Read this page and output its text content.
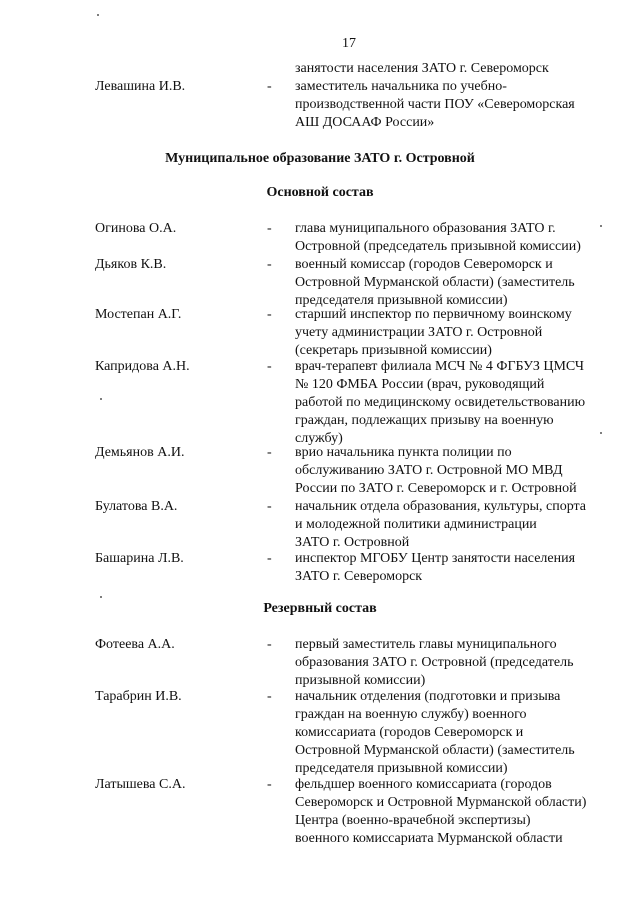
17
занятости населения ЗАТО г. Североморск
Левашина И.В.	- заместитель начальника по учебно-
производственной части ПОУ «Североморская
АШ ДОСААФ России»
Муниципальное образование ЗАТО г. Островной
Основной состав
Огинова О.А.	- глава муниципального образования ЗАТО г.
Островной (председатель призывной комиссии)
Дьяков К.В.	- военный комиссар (городов Североморск и
Островной Мурманской области) (заместитель
председателя призывной комиссии)
Мостепан А.Г.	- старший инспектор по первичному воинскому
учету администрации ЗАТО г. Островной
(секретарь призывной комиссии)
Капридова А.Н.	- врач-терапевт филиала МСЧ № 4 ФГБУЗ ЦМСЧ
№ 120 ФМБА России (врач, руководящий
работой по медицинскому освидетельствованию
граждан, подлежащих призыву на военную
службу)
Демьянов А.И.	- врио начальника пункта полиции по
обслуживанию ЗАТО г. Островной МО МВД
России по ЗАТО г. Североморск и г. Островной
Булатова В.А.	- начальник отдела образования, культуры, спорта
и молодежной политики администрации
ЗАТО г. Островной
Башарина Л.В.	- инспектор МГОБУ Центр занятости населения
ЗАТО г. Североморск
Резервный состав
Фотеева А.А.	- первый заместитель главы муниципального
образования ЗАТО г. Островной (председатель
призывной комиссии)
Тарабрин И.В.	- начальник отделения (подготовки и призыва
граждан на военную службу) военного
комиссариата (городов Североморск и
Островной Мурманской области) (заместитель
председателя призывной комиссии)
Латышева С.А.	- фельдшер военного комиссариата (городов
Североморск и Островной Мурманской области)
Центра (военно-врачебной экспертизы)
военного комиссариата Мурманской области
